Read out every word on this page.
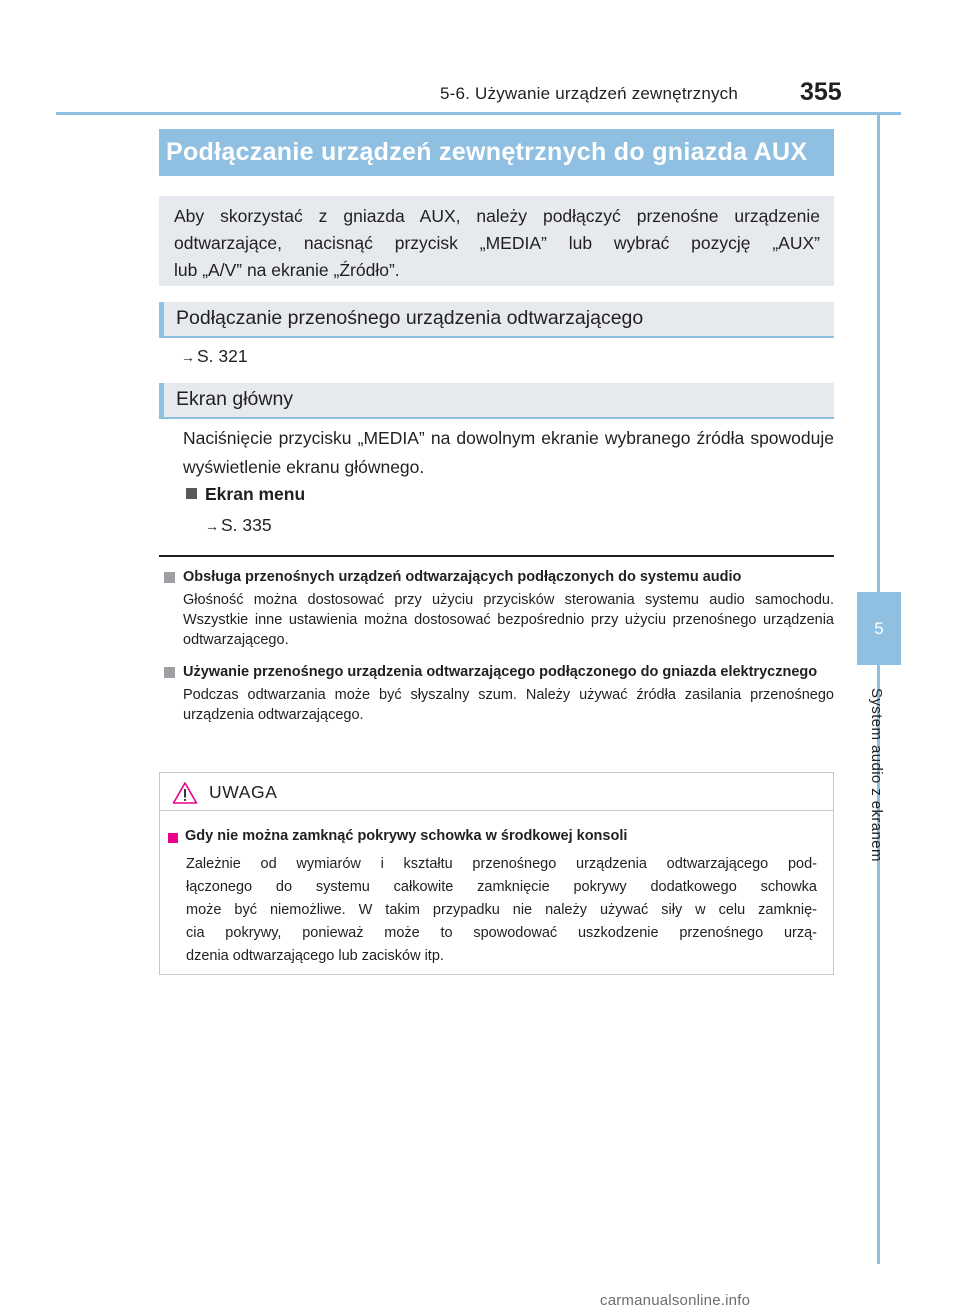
5-6. Używanie urządzeń zewnętrznych 355
5
System audio z ekranem
Podłączanie urządzeń zewnętrznych do gniazda AUX
Aby skorzystać z gniazda AUX, należy podłączyć przenośne urządzenie
odtwarzające, nacisnąć przycisk „MEDIA” lub wybrać pozycję „AUX”
lub „A/V” na ekranie „Źródło”.
Podłączanie przenośnego urządzenia odtwarzającego
→ S. 321
Ekran główny
Naciśnięcie przycisku „MEDIA” na dowolnym ekranie wybranego źródła spowoduje wyświetlenie ekranu głównego.
Ekran menu
→ S. 335
Obsługa przenośnych urządzeń odtwarzających podłączonych do systemu audio
Głośność można dostosować przy użyciu przycisków sterowania systemu audio samochodu. Wszystkie inne ustawienia można dostosować bezpośrednio przy użyciu przenośnego urządzenia odtwarzającego.
Używanie przenośnego urządzenia odtwarzającego podłączonego do gniazda elektrycznego
Podczas odtwarzania może być słyszalny szum. Należy używać źródła zasilania przenośnego urządzenia odtwarzającego.
UWAGA
Gdy nie można zamknąć pokrywy schowka w środkowej konsoli
Zależnie od wymiarów i kształtu przenośnego urządzenia odtwarzającego pod-
łączonego do systemu całkowite zamknięcie pokrywy dodatkowego schowka
może być niemożliwe. W takim przypadku nie należy używać siły w celu zamknię-
cia pokrywy, ponieważ może to spowodować uszkodzenie przenośnego urzą-
dzenia odtwarzającego lub zacisków itp.
carmanualsonline.info
